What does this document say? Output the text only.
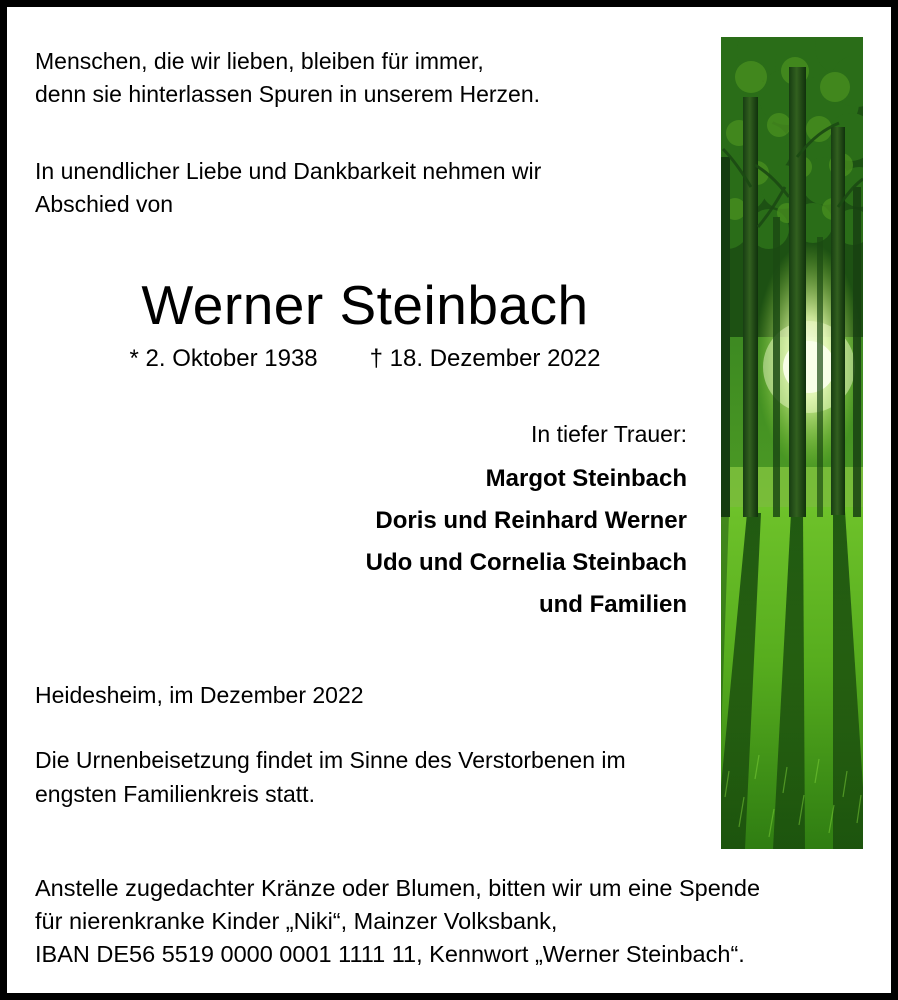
Menschen, die wir lieben, bleiben für immer,
denn sie hinterlassen Spuren in unserem Herzen.
In unendlicher Liebe und Dankbarkeit nehmen wir
Abschied von
Werner Steinbach
* 2. Oktober 1938 † 18. Dezember 2022
In tiefer Trauer:
Margot Steinbach
Doris und Reinhard Werner
Udo und Cornelia Steinbach
und Familien
Heidesheim, im Dezember 2022
Die Urnenbeisetzung findet im Sinne des Verstorbenen im
engsten Familienkreis statt.
Anstelle zugedachter Kränze oder Blumen, bitten wir um eine Spende
für nierenkranke Kinder „Niki“, Mainzer Volksbank,
IBAN DE56 5519 0000 0001 1111 11, Kennwort „Werner Steinbach“.
